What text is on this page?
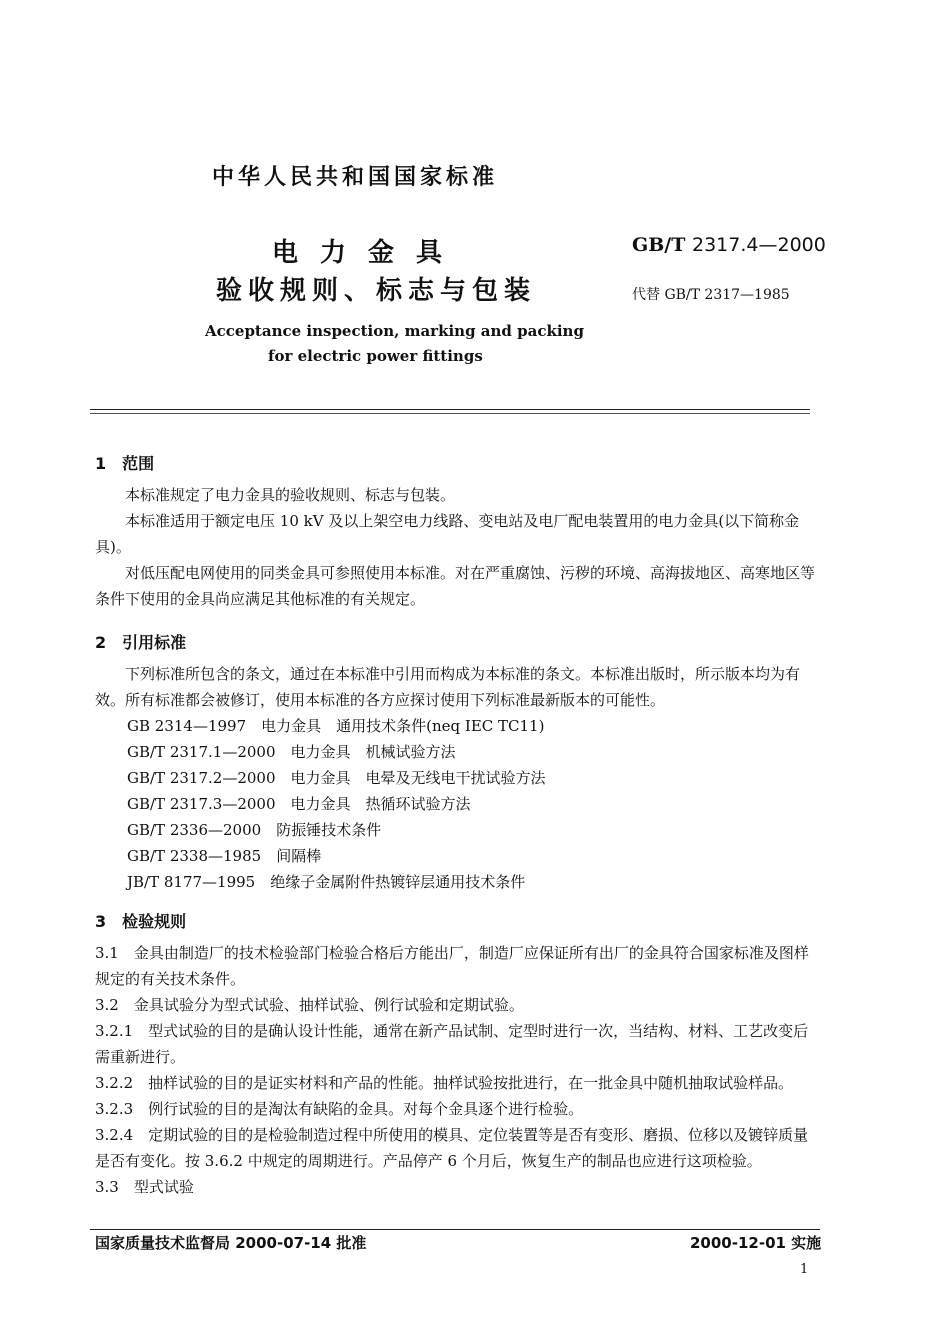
中华人民共和国国家标准
电力金具
验收规则、标志与包装
GB/T 2317.4—2000
代替 GB/T 2317—1985
Acceptance inspection, marking and packing
for electric power fittings
1　范围
本标准规定了电力金具的验收规则、标志与包装。
本标准适用于额定电压 10 kV 及以上架空电力线路、变电站及电厂配电装置用的电力金具(以下简称金具)。
对低压配电网使用的同类金具可参照使用本标准。对在严重腐蚀、污秽的环境、高海拔地区、高寒地区等条件下使用的金具尚应满足其他标准的有关规定。
2　引用标准
下列标准所包含的条文，通过在本标准中引用而构成为本标准的条文。本标准出版时，所示版本均为有效。所有标准都会被修订，使用本标准的各方应探讨使用下列标准最新版本的可能性。
GB 2314—1997　 电力金具　通用技术条件(neq IEC TC11)
GB/T 2317.1—2000　 电力金具　机械试验方法
GB/T 2317.2—2000　 电力金具　电晕及无线电干扰试验方法
GB/T 2317.3—2000　 电力金具　热循环试验方法
GB/T 2336—2000　 防振锤技术条件
GB/T 2338—1985　 间隔棒
JB/T 8177—1995　 绝缘子金属附件热镀锌层通用技术条件
3　检验规则
3.1　金具由制造厂的技术检验部门检验合格后方能出厂，制造厂应保证所有出厂的金具符合国家标准及图样规定的有关技术条件。
3.2　金具试验分为型式试验、抽样试验、例行试验和定期试验。
3.2.1　型式试验的目的是确认设计性能，通常在新产品试制、定型时进行一次，当结构、材料、工艺改变后需重新进行。
3.2.2　抽样试验的目的是证实材料和产品的性能。抽样试验按批进行，在一批金具中随机抽取试验样品。
3.2.3　例行试验的目的是淘汰有缺陷的金具。对每个金具逐个进行检验。
3.2.4　定期试验的目的是检验制造过程中所使用的模具、定位装置等是否有变形、磨损、位移以及镀锌质量是否有变化。按 3.6.2 中规定的周期进行。产品停产 6 个月后，恢复生产的制品也应进行这项检验。
3.3　型式试验
国家质量技术监督局 2000-07-14 批准	2000-12-01 实施
1
